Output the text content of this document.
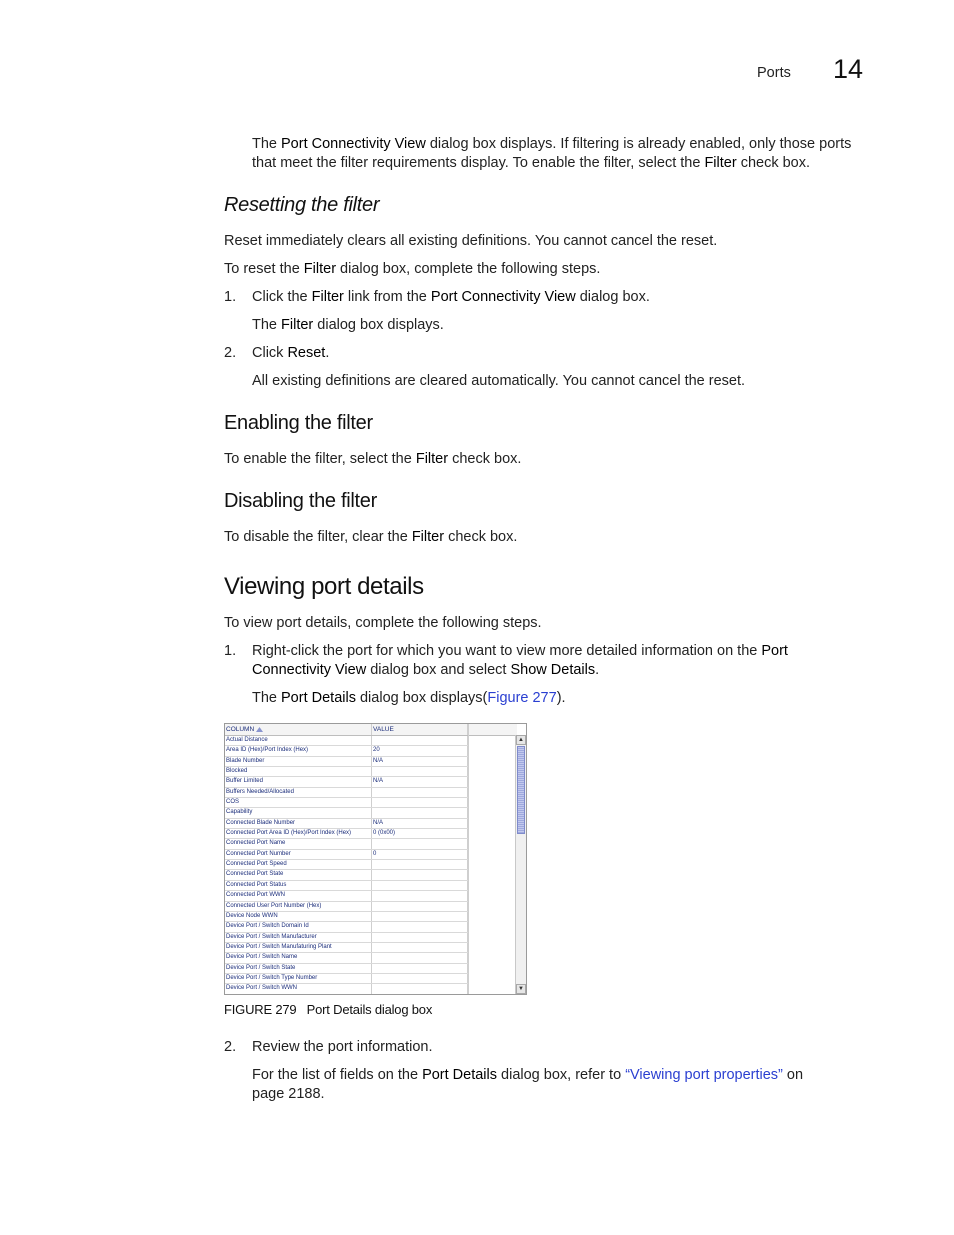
Ports 14
The Port Connectivity View dialog box displays. If filtering is already enabled, only those ports
that meet the filter requirements display. To enable the filter, select the Filter check box.
Resetting the filter
Reset immediately clears all existing definitions. You cannot cancel the reset.
To reset the Filter dialog box, complete the following steps.
1. Click the Filter link from the Port Connectivity View dialog box.
The Filter dialog box displays.
2. Click Reset.
All existing definitions are cleared automatically. You cannot cancel the reset.
Enabling the filter
To enable the filter, select the Filter check box.
Disabling the filter
To disable the filter, clear the Filter check box.
Viewing port details
To view port details, complete the following steps.
1. Right-click the port for which you want to view more detailed information on the Port
Connectivity View dialog box and select Show Details.
The Port Details dialog box displays(Figure 277).
COLUMN	VALUE
Actual Distance
Area ID (Hex)/Port Index (Hex)	20
Blade Number	N/A
Blocked
Buffer Limited	N/A
Buffers Needed/Allocated
COS
Capability
Connected Blade Number	N/A
Connected Port Area ID (Hex)/Port Index (Hex)	0 (0x00)
Connected Port Name
Connected Port Number	0
Connected Port Speed
Connected Port State
Connected Port Status
Connected Port WWN
Connected User Port Number (Hex)
Device Node WWN
Device Port / Switch Domain Id
Device Port / Switch Manufacturer
Device Port / Switch Manufaturing Plant
Device Port / Switch Name
Device Port / Switch State
Device Port / Switch Type Number
Device Port / Switch WWN
▲
▼
FIGURE 279 Port Details dialog box
2. Review the port information.
For the list of fields on the Port Details dialog box, refer to “Viewing port properties” on
page 2188.
